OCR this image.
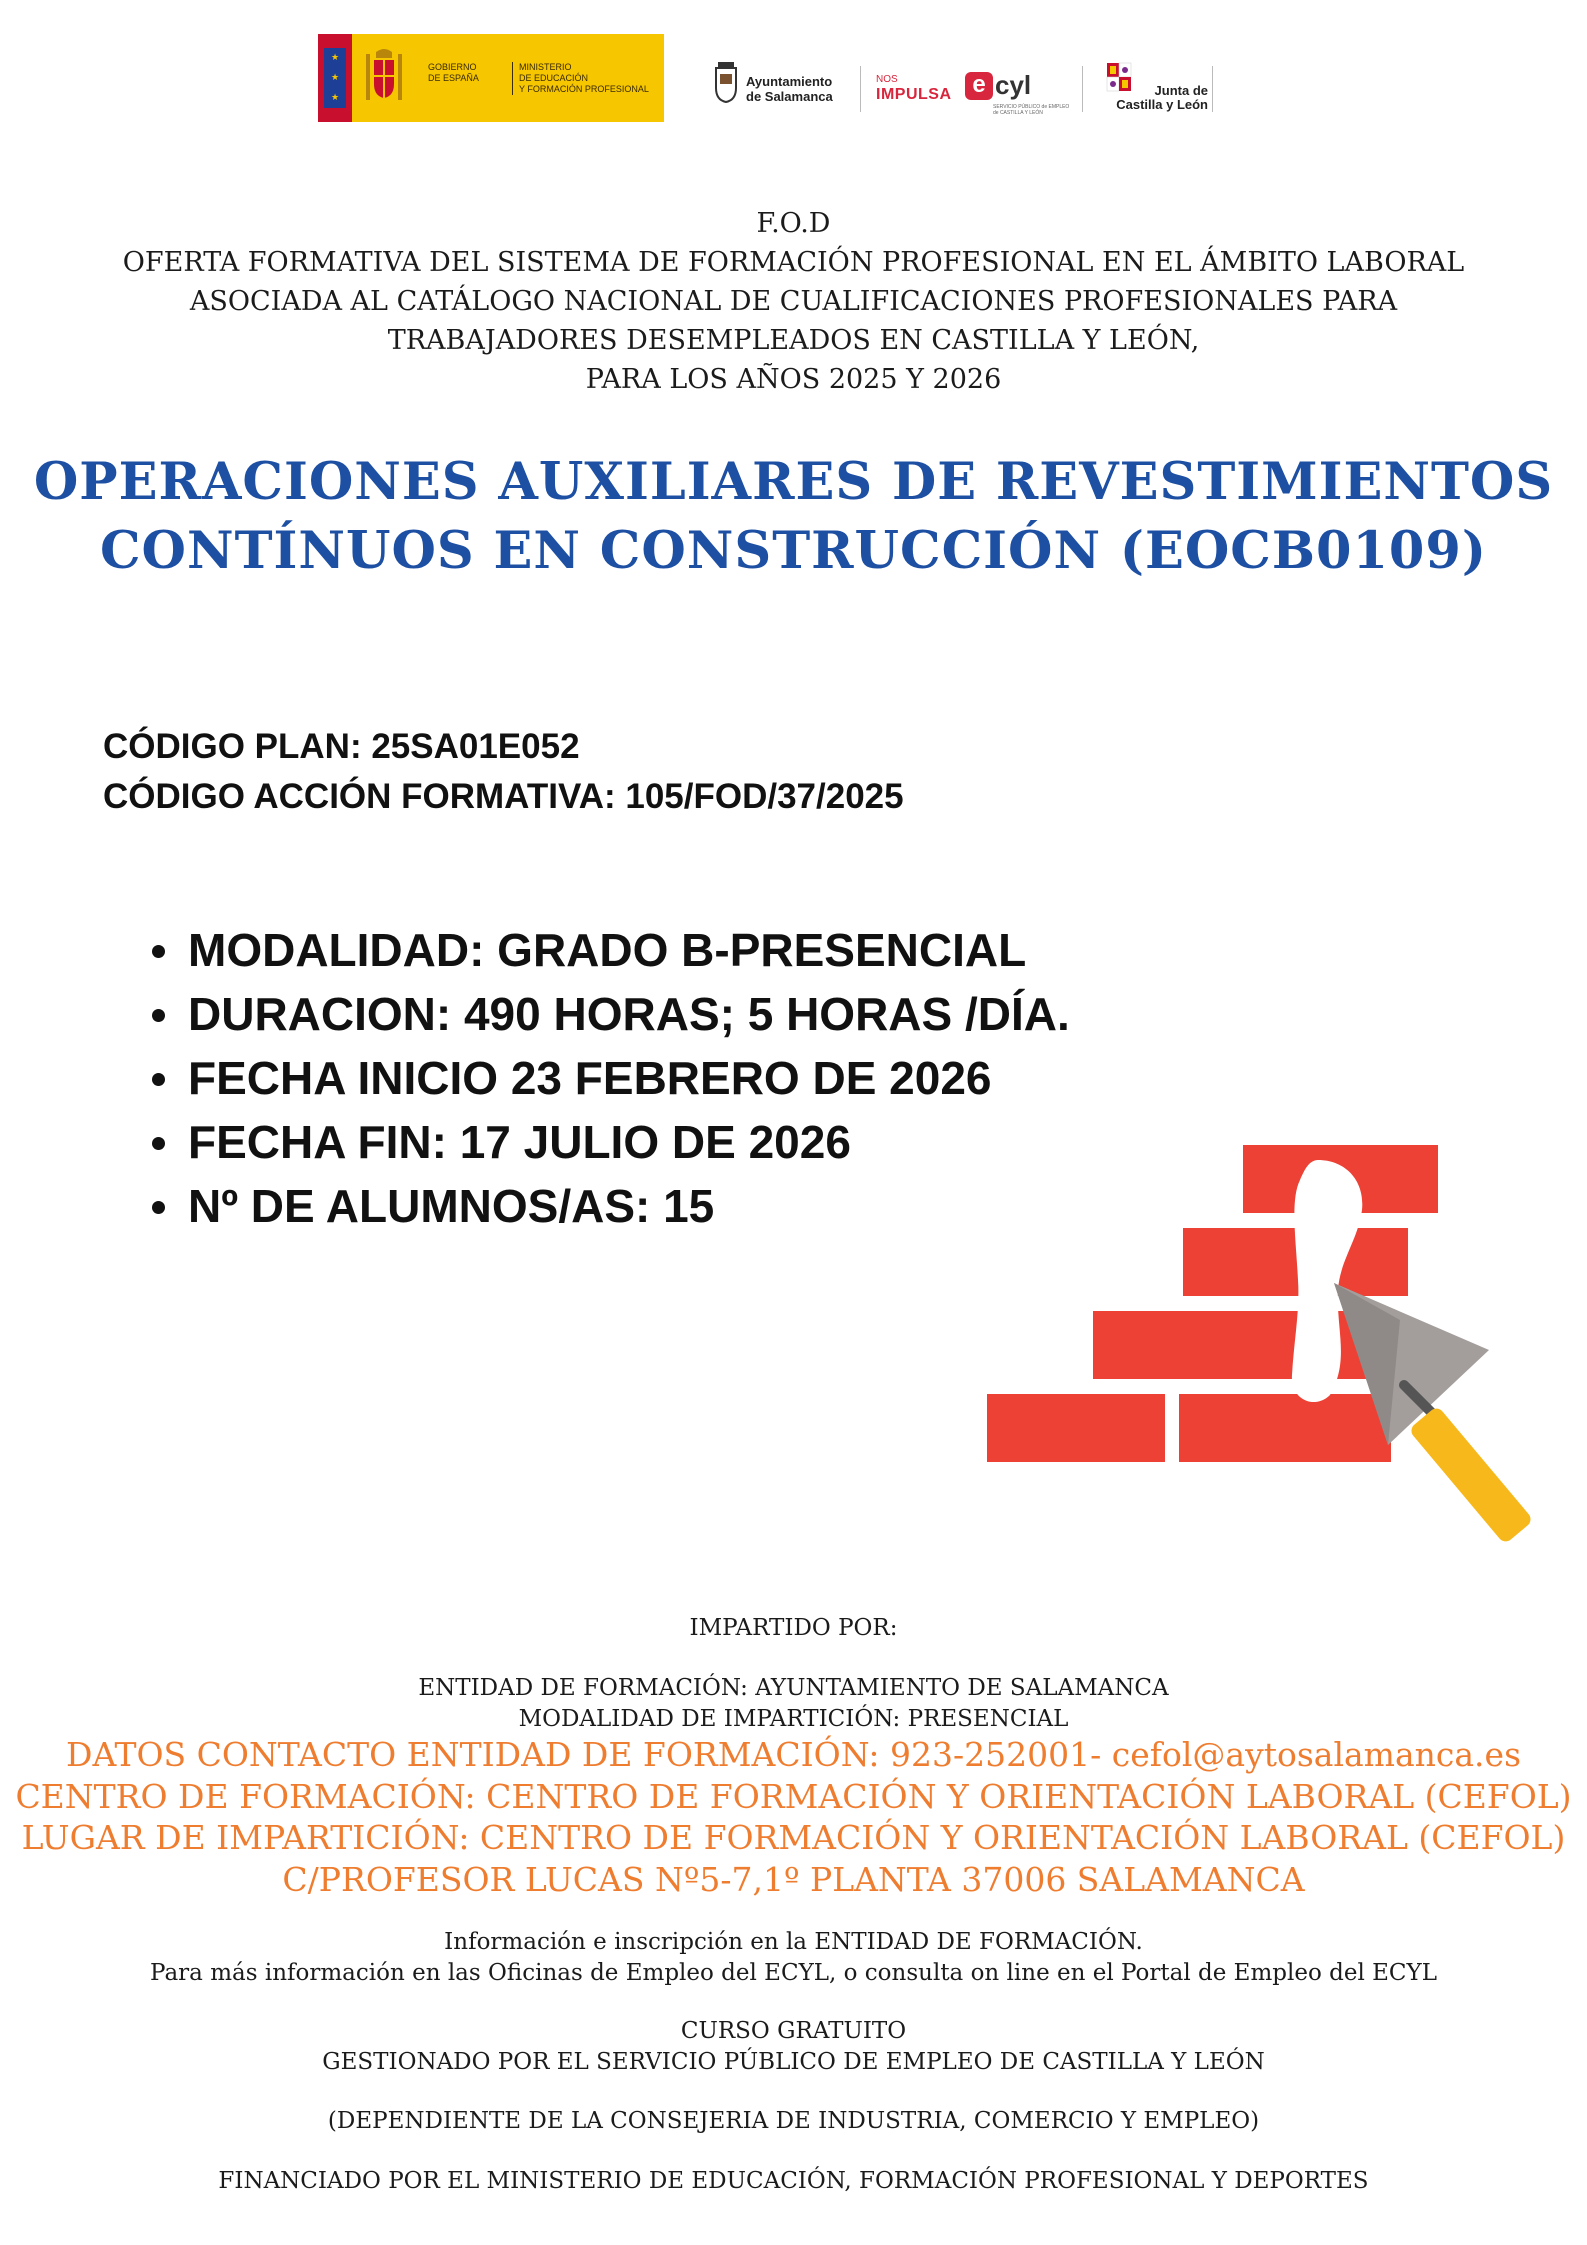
★
★
★
GOBIERNO
DE ESPAÑA
MINISTERIO
DE EDUCACIÓN
Y FORMACIÓN PROFESIONAL	Ayuntamiento
de Salamanca
NOS
IMPULSA e cyl
SERVICIO PÚBLICO de EMPLEO de CASTILLA Y LEÓN
Junta de
Castilla y León
F.O.D
OFERTA FORMATIVA DEL SISTEMA DE FORMACIÓN PROFESIONAL EN EL ÁMBITO LABORAL
ASOCIADA AL CATÁLOGO NACIONAL DE CUALIFICACIONES PROFESIONALES PARA
TRABAJADORES DESEMPLEADOS EN CASTILLA Y LEÓN,
PARA LOS AÑOS 2025 Y 2026
OPERACIONES AUXILIARES DE REVESTIMIENTOS
CONTÍNUOS EN CONSTRUCCIÓN (EOCB0109)
CÓDIGO PLAN: 25SA01E052
CÓDIGO ACCIÓN FORMATIVA: 105/FOD/37/2025
MODALIDAD: GRADO B-PRESENCIAL
DURACION: 490 HORAS; 5 HORAS /DÍA.
FECHA INICIO 23 FEBRERO DE 2026
FECHA FIN: 17 JULIO DE 2026
Nº DE ALUMNOS/AS: 15
IMPARTIDO POR:
ENTIDAD DE FORMACIÓN: AYUNTAMIENTO DE SALAMANCA
MODALIDAD DE IMPARTICIÓN: PRESENCIAL
DATOS CONTACTO ENTIDAD DE FORMACIÓN: 923-252001- cefol@aytosalamanca.es
CENTRO DE FORMACIÓN: CENTRO DE FORMACIÓN Y ORIENTACIÓN LABORAL (CEFOL)
LUGAR DE IMPARTICIÓN: CENTRO DE FORMACIÓN Y ORIENTACIÓN LABORAL (CEFOL)
C/PROFESOR LUCAS Nº5-7,1º PLANTA 37006 SALAMANCA
Información e inscripción en la ENTIDAD DE FORMACIÓN.
Para más información en las Oficinas de Empleo del ECYL, o consulta on line en el Portal de Empleo del ECYL
CURSO GRATUITO
GESTIONADO POR EL SERVICIO PÚBLICO DE EMPLEO DE CASTILLA Y LEÓN
(DEPENDIENTE DE LA CONSEJERIA DE INDUSTRIA, COMERCIO Y EMPLEO)
FINANCIADO POR EL MINISTERIO DE EDUCACIÓN, FORMACIÓN PROFESIONAL Y DEPORTES
